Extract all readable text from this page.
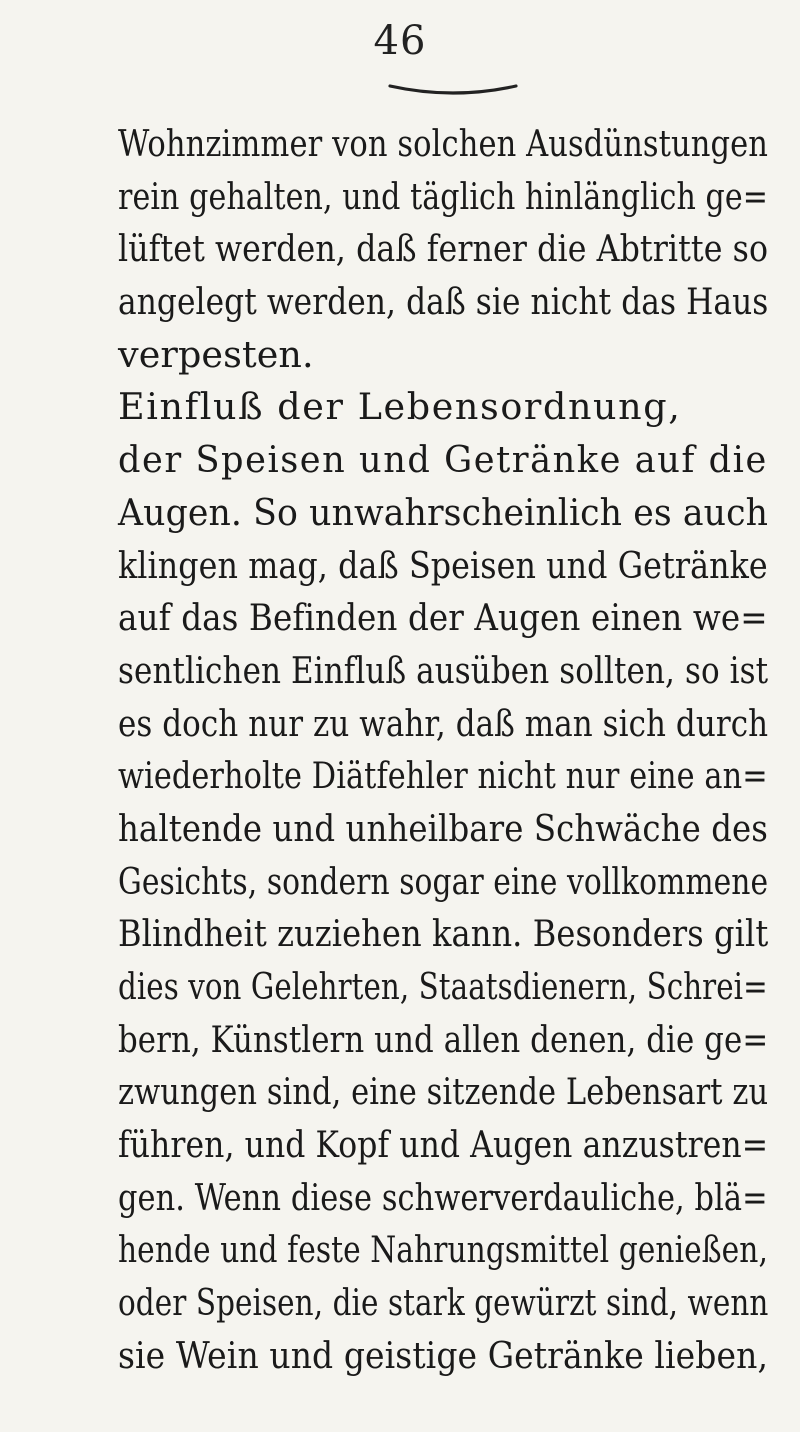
46
Wohnzimmer von solchen Ausdünstungen
rein gehalten, und täglich hinlänglich ge=
lüftet werden, daß ferner die Abtritte so
angelegt werden, daß sie nicht das Haus
verpesten.
Einfluß der Lebensordnung,
der Speisen und Getränke auf die
Augen. So unwahrscheinlich es auch
klingen mag, daß Speisen und Getränke
auf das Befinden der Augen einen we=
sentlichen Einfluß ausüben sollten, so ist
es doch nur zu wahr, daß man sich durch
wiederholte Diätfehler nicht nur eine an=
haltende und unheilbare Schwäche des
Gesichts, sondern sogar eine vollkommene
Blindheit zuziehen kann. Besonders gilt
dies von Gelehrten, Staatsdienern, Schrei=
bern, Künstlern und allen denen, die ge=
zwungen sind, eine sitzende Lebensart zu
führen, und Kopf und Augen anzustren=
gen. Wenn diese schwerverdauliche, blä=
hende und feste Nahrungsmittel genießen,
oder Speisen, die stark gewürzt sind, wenn
sie Wein und geistige Getränke lieben,
